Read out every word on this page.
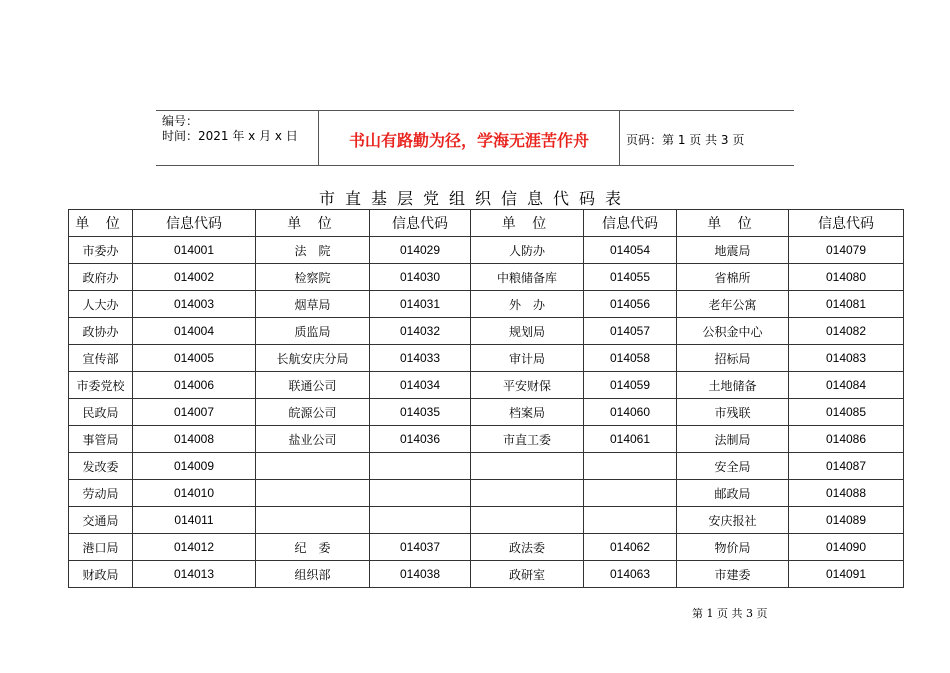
编号：
时间：2021 年 x 月 x 日	书山有路勤为径，学海无涯苦作舟	页码：第 1 页 共 3 页
市直基层党组织信息代码表
单 位	信息代码	单 位	信息代码	单 位	信息代码	单 位	信息代码
市委办	014001	法　院	014029	人防办	014054	地震局	014079
政府办	014002	检察院	014030	中粮储备库	014055	省棉所	014080
人大办	014003	烟草局	014031	外　办	014056	老年公寓	014081
政协办	014004	质监局	014032	规划局	014057	公积金中心	014082
宣传部	014005	长航安庆分局	014033	审计局	014058	招标局	014083
市委党校	014006	联通公司	014034	平安财保	014059	土地储备	014084
民政局	014007	皖源公司	014035	档案局	014060	市残联	014085
事管局	014008	盐业公司	014036	市直工委	014061	法制局	014086
发改委	014009					安全局	014087
劳动局	014010					邮政局	014088
交通局	014011					安庆报社	014089
港口局	014012	纪　委	014037	政法委	014062	物价局	014090
财政局	014013	组织部	014038	政研室	014063	市建委	014091
第 1 页 共 3 页
